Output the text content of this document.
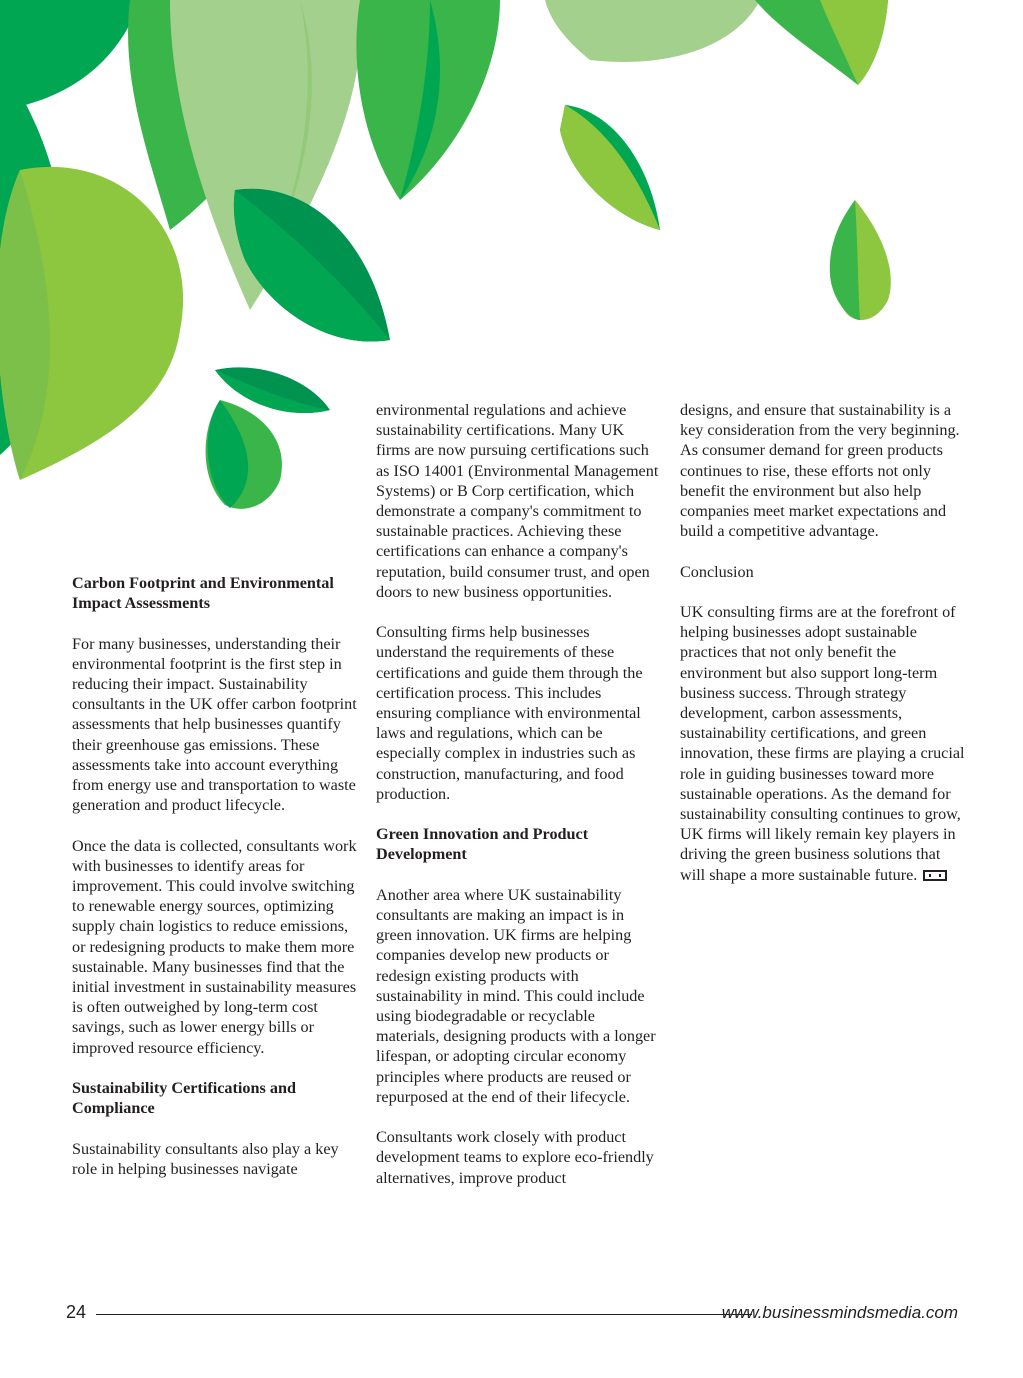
Carbon Footprint and Environmental Impact Assessments

For many businesses, understanding their environmental footprint is the first step in reducing their impact. Sustainability consultants in the UK offer carbon footprint assessments that help businesses quantify their greenhouse gas emissions. These assessments take into account everything from energy use and transportation to waste generation and product lifecycle.

Once the data is collected, consultants work with businesses to identify areas for improvement. This could involve switching to renewable energy sources, optimizing supply chain logistics to reduce emissions, or redesigning products to make them more sustainable. Many businesses find that the initial investment in sustainability measures is often outweighed by long-term cost savings, such as lower energy bills or improved resource efficiency.

Sustainability Certifications and Compliance

Sustainability consultants also play a key role in helping businesses navigate

environmental regulations and achieve sustainability certifications. Many UK firms are now pursuing certifications such as ISO 14001 (Environmental Management Systems) or B Corp certification, which demonstrate a company's commitment to sustainable practices. Achieving these certifications can enhance a company's reputation, build consumer trust, and open doors to new business opportunities.

Consulting firms help businesses understand the requirements of these certifications and guide them through the certification process. This includes ensuring compliance with environmental laws and regulations, which can be especially complex in industries such as construction, manufacturing, and food production.

Green Innovation and Product Development

Another area where UK sustainability consultants are making an impact is in green innovation. UK firms are helping companies develop new products or redesign existing products with sustainability in mind. This could include using biodegradable or recyclable materials, designing products with a longer lifespan, or adopting circular economy principles where products are reused or repurposed at the end of their lifecycle.

Consultants work closely with product development teams to explore eco-friendly alternatives, improve product

designs, and ensure that sustainability is a key consideration from the very beginning. As consumer demand for green products continues to rise, these efforts not only benefit the environment but also help companies meet market expectations and build a competitive advantage.

Conclusion

UK consulting firms are at the forefront of helping businesses adopt sustainable practices that not only benefit the environment but also support long-term business success. Through strategy development, carbon assessments, sustainability certifications, and green innovation, these firms are playing a crucial role in guiding businesses toward more sustainable operations. As the demand for sustainability consulting continues to grow, UK firms will likely remain key players in driving the green business solutions that will shape a more sustainable future.

24	www.businessmindsmedia.com
